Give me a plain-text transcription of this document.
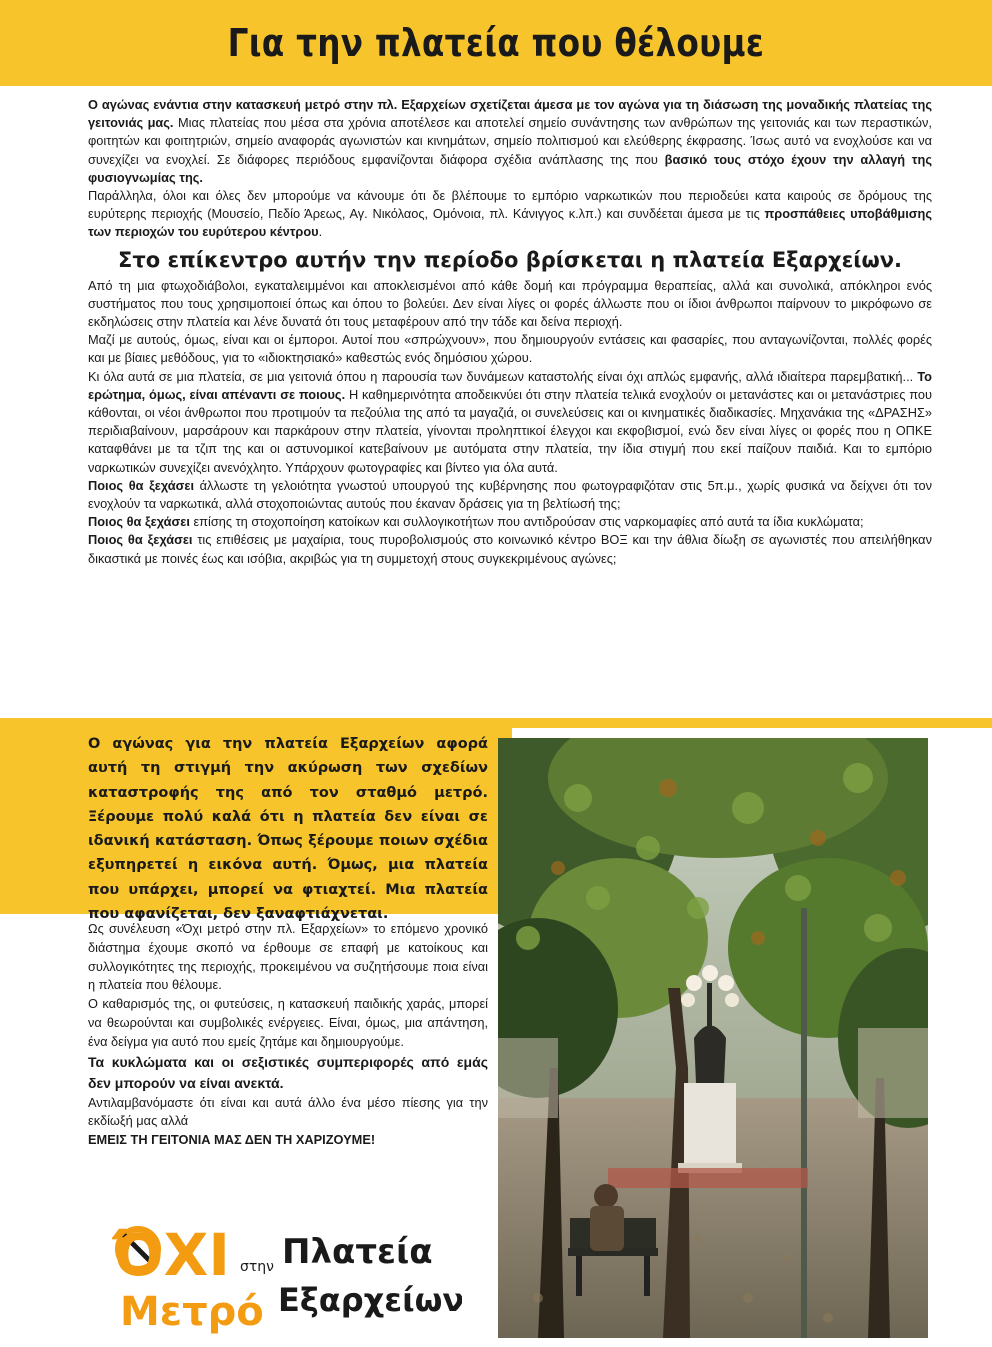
Για την πλατεία που θέλουμε

Ο αγώνας ενάντια στην κατασκευή μετρό στην πλ. Εξαρχείων σχετίζεται άμεσα με τον αγώνα για τη διάσωση της μοναδικής πλατείας της γειτονιάς μας. Μιας πλατείας που μέσα στα χρόνια αποτέλεσε και αποτελεί σημείο συνάντησης των ανθρώπων της γειτονιάς και των περαστικών, φοιτητών και φοιτητριών, σημείο αναφοράς αγωνιστών και κινημάτων, σημείο πολιτισμού και ελεύθερης έκφρασης. Ίσως αυτό να ενοχλούσε και να συνεχίζει να ενοχλεί. Σε διάφορες περιόδους εμφανίζονται διάφορα σχέδια ανάπλασης της που βασικό τους στόχο έχουν την αλλαγή της φυσιογνωμίας της.

Παράλληλα, όλοι και όλες δεν μπορούμε να κάνουμε ότι δε βλέπουμε το εμπόριο ναρκωτικών που περιοδεύει κατα καιρούς σε δρόμους της ευρύτερης περιοχής (Μουσείο, Πεδίο Άρεως, Αγ. Νικόλαος, Ομόνοια, πλ. Κάνιγγος κ.λπ.) και συνδέεται άμεσα με τις προσπάθειες υποβάθμισης των περιοχών του ευρύτερου κέντρου.

Στο επίκεντρο αυτήν την περίοδο βρίσκεται η πλατεία Εξαρχείων.

Από τη μια φτωχοδιάβολοι, εγκαταλειμμένοι και αποκλεισμένοι από κάθε δομή και πρόγραμμα θεραπείας, αλλά και συνολικά, απόκληροι ενός συστήματος που τους χρησιμοποιεί όπως και όπου το βολεύει. Δεν είναι λίγες οι φορές άλλωστε που οι ίδιοι άνθρωποι παίρνουν το μικρόφωνο σε εκδηλώσεις στην πλατεία και λένε δυνατά ότι τους μεταφέρουν από την τάδε και δείνα περιοχή.

Μαζί με αυτούς, όμως, είναι και οι έμποροι. Αυτοί που «σπρώχνουν», που δημιουργούν εντάσεις και φασαρίες, που ανταγωνίζονται, πολλές φορές και με βίαιες μεθόδους, για το «ιδιοκτησιακό» καθεστώς ενός δημόσιου χώρου.

Κι όλα αυτά σε μια πλατεία, σε μια γειτονιά όπου η παρουσία των δυνάμεων καταστολής είναι όχι απλώς εμφανής, αλλά ιδιαίτερα παρεμβατική... Το ερώτημα, όμως, είναι απέναντι σε ποιους. Η καθημερινότητα αποδεικνύει ότι στην πλατεία τελικά ενοχλούν οι μετανάστες και οι μετανάστριες που κάθονται, οι νέοι άνθρωποι που προτιμούν τα πεζούλια της από τα μαγαζιά, οι συνελεύσεις και οι κινηματικές διαδικασίες. Μηχανάκια της «ΔΡΑΣΗΣ» περιδιαβαίνουν, μαρσάρουν και παρκάρουν στην πλατεία, γίνονται προληπτικοί έλεγχοι και εκφοβισμοί, ενώ δεν είναι λίγες οι φορές που η ΟΠΚΕ καταφθάνει με τα τζιπ της και οι αστυνομικοί κατεβαίνουν με αυτόματα στην πλατεία, την ίδια στιγμή που εκεί παίζουν παιδιά. Και το εμπόριο ναρκωτικών συνεχίζει ανενόχλητο. Υπάρχουν φωτογραφίες και βίντεο για όλα αυτά.

Ποιος θα ξεχάσει άλλωστε τη γελοιότητα γνωστού υπουργού της κυβέρνησης που φωτογραφιζόταν στις 5π.μ., χωρίς φυσικά να δείχνει ότι τον ενοχλούν τα ναρκωτικά, αλλά στοχοποιώντας αυτούς που έκαναν δράσεις για τη βελτίωσή της;

Ποιος θα ξεχάσει επίσης τη στοχοποίηση κατοίκων και συλλογικοτήτων που αντιδρούσαν στις ναρκομαφίες από αυτά τα ίδια κυκλώματα;

Ποιος θα ξεχάσει τις επιθέσεις με μαχαίρια, τους πυροβολισμούς στο κοινωνικό κέντρο ΒΟΞ και την άθλια δίωξη σε αγωνιστές που απειλήθηκαν δικαστικά με ποινές έως και ισόβια, ακριβώς για τη συμμετοχή στους συγκεκριμένους αγώνες;

Ο αγώνας για την πλατεία Εξαρχείων αφορά αυτή τη στιγμή την ακύρωση των σχεδίων καταστροφής της από τον σταθμό μετρό. Ξέρουμε πολύ καλά ότι η πλατεία δεν είναι σε ιδανική κατάσταση. Όπως ξέρουμε ποιων σχέδια εξυπηρετεί η εικόνα αυτή. Όμως, μια πλατεία που υπάρχει, μπορεί να φτιαχτεί. Μια πλατεία που αφανίζεται, δεν ξαναφτιάχνεται.

Ως συνέλευση «Όχι μετρό στην πλ. Εξαρχείων» το επόμενο χρονικό διάστημα έχουμε σκοπό να έρθουμε σε επαφή με κατοίκους και συλλογικότητες της περιοχής, προκειμένου να συζητήσουμε ποια είναι η πλατεία που θέλουμε.

Ο καθαρισμός της, οι φυτεύσεις, η κατασκευή παιδικής χαράς, μπορεί να θεωρούνται και συμβολικές ενέργειες. Είναι, όμως, μια απάντηση, ένα δείγμα για αυτό που εμείς ζητάμε και δημιουργούμε.

Τα κυκλώματα και οι σεξιστικές συμπεριφορές από εμάς δεν μπορούν να είναι ανεκτά.

Αντιλαμβανόμαστε ότι είναι και αυτά άλλο ένα μέσο πίεσης για την εκδίωξή μας αλλά

ΕΜΕΙΣ ΤΗ ΓΕΙΤΟΝΙΑ ΜΑΣ ΔΕΝ ΤΗ ΧΑΡΙΖΟΥΜΕ!

ΌΧΙ στην Πλατεία
Μετρό Εξαρχείων
